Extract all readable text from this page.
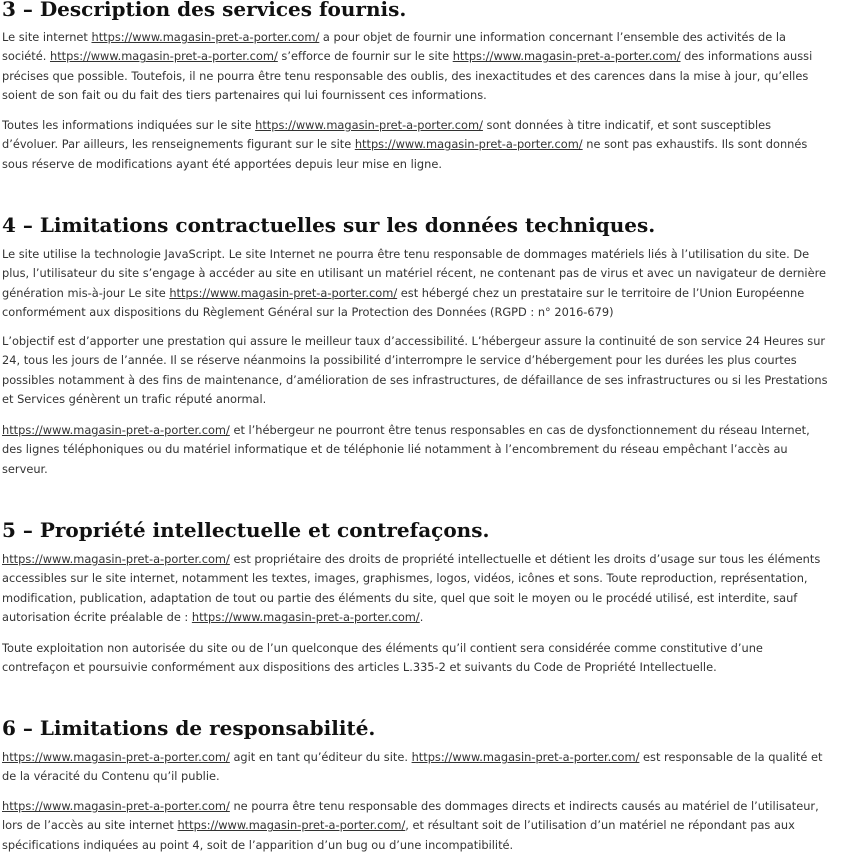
3 – Description des services fournis.
Le site internet https://www.magasin-pret-a-porter.com/ a pour objet de fournir une information concernant l’ensemble des activités de la
société. https://www.magasin-pret-a-porter.com/ s’efforce de fournir sur le site https://www.magasin-pret-a-porter.com/ des informations aussi
précises que possible. Toutefois, il ne pourra être tenu responsable des oublis, des inexactitudes et des carences dans la mise à jour, qu’elles
soient de son fait ou du fait des tiers partenaires qui lui fournissent ces informations.
Toutes les informations indiquées sur le site https://www.magasin-pret-a-porter.com/ sont données à titre indicatif, et sont susceptibles
d’évoluer. Par ailleurs, les renseignements figurant sur le site https://www.magasin-pret-a-porter.com/ ne sont pas exhaustifs. Ils sont donnés
sous réserve de modifications ayant été apportées depuis leur mise en ligne.
4 – Limitations contractuelles sur les données techniques.
Le site utilise la technologie JavaScript. Le site Internet ne pourra être tenu responsable de dommages matériels liés à l’utilisation du site. De
plus, l’utilisateur du site s’engage à accéder au site en utilisant un matériel récent, ne contenant pas de virus et avec un navigateur de dernière
génération mis-à-jour Le site https://www.magasin-pret-a-porter.com/ est hébergé chez un prestataire sur le territoire de l’Union Européenne
conformément aux dispositions du Règlement Général sur la Protection des Données (RGPD : n° 2016-679)
L’objectif est d’apporter une prestation qui assure le meilleur taux d’accessibilité. L’hébergeur assure la continuité de son service 24 Heures sur
24, tous les jours de l’année. Il se réserve néanmoins la possibilité d’interrompre le service d’hébergement pour les durées les plus courtes
possibles notamment à des fins de maintenance, d’amélioration de ses infrastructures, de défaillance de ses infrastructures ou si les Prestations
et Services génèrent un trafic réputé anormal.
https://www.magasin-pret-a-porter.com/ et l’hébergeur ne pourront être tenus responsables en cas de dysfonctionnement du réseau Internet,
des lignes téléphoniques ou du matériel informatique et de téléphonie lié notamment à l’encombrement du réseau empêchant l’accès au
serveur.
5 – Propriété intellectuelle et contrefaçons.
https://www.magasin-pret-a-porter.com/ est propriétaire des droits de propriété intellectuelle et détient les droits d’usage sur tous les éléments
accessibles sur le site internet, notamment les textes, images, graphismes, logos, vidéos, icônes et sons. Toute reproduction, représentation,
modification, publication, adaptation de tout ou partie des éléments du site, quel que soit le moyen ou le procédé utilisé, est interdite, sauf
autorisation écrite préalable de : https://www.magasin-pret-a-porter.com/.
Toute exploitation non autorisée du site ou de l’un quelconque des éléments qu’il contient sera considérée comme constitutive d’une
contrefaçon et poursuivie conformément aux dispositions des articles L.335-2 et suivants du Code de Propriété Intellectuelle.
6 – Limitations de responsabilité.
https://www.magasin-pret-a-porter.com/ agit en tant qu’éditeur du site. https://www.magasin-pret-a-porter.com/ est responsable de la qualité et
de la véracité du Contenu qu’il publie.
https://www.magasin-pret-a-porter.com/ ne pourra être tenu responsable des dommages directs et indirects causés au matériel de l’utilisateur,
lors de l’accès au site internet https://www.magasin-pret-a-porter.com/, et résultant soit de l’utilisation d’un matériel ne répondant pas aux
spécifications indiquées au point 4, soit de l’apparition d’un bug ou d’une incompatibilité.
